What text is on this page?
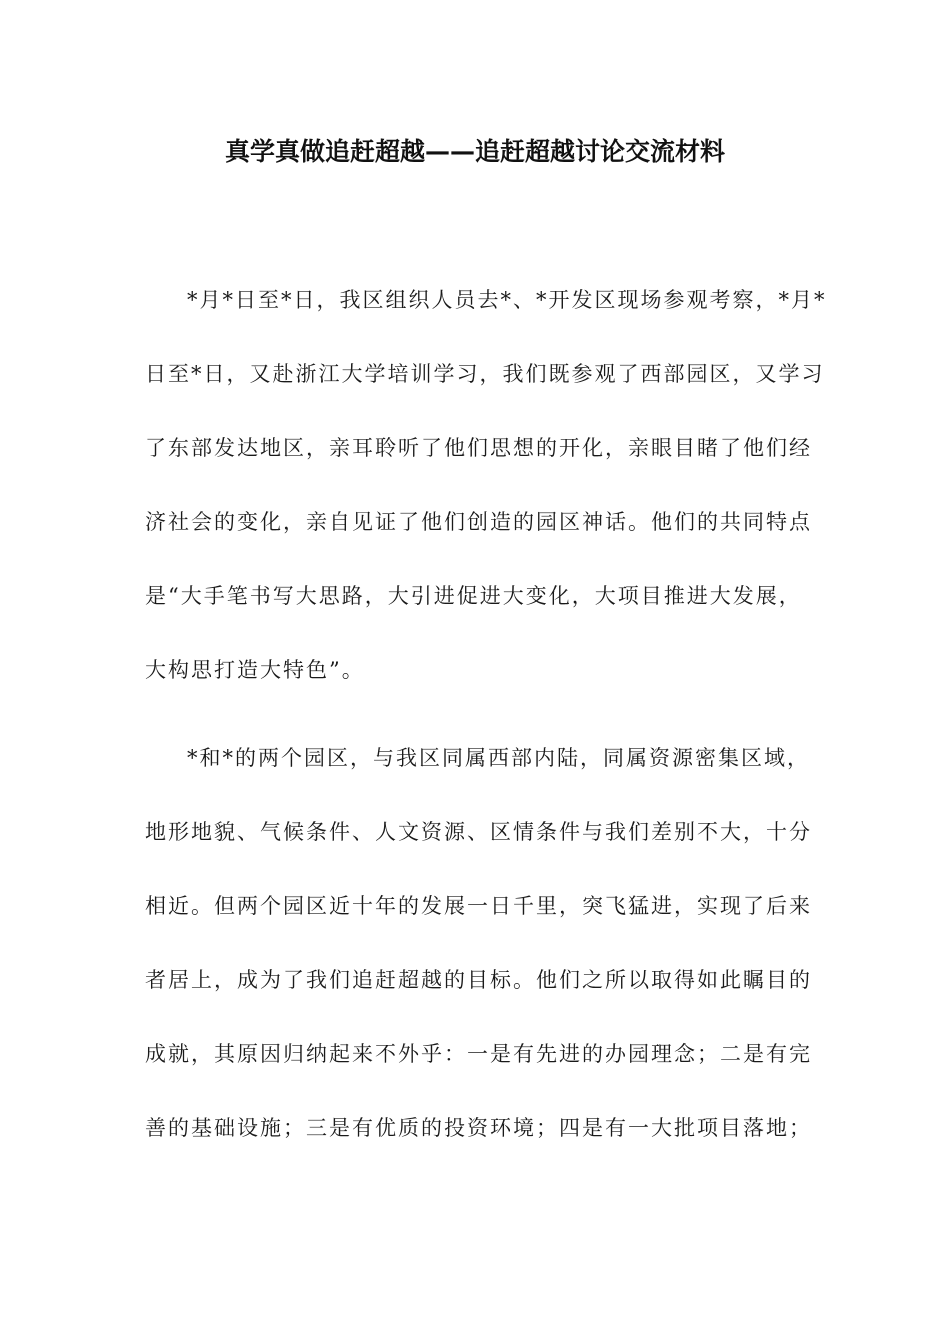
真学真做追赶超越——追赶超越讨论交流材料
*月*日至*日，我区组织人员去*、*开发区现场参观考察，*月*
日至*日，又赴浙江大学培训学习，我们既参观了西部园区，又学习
了东部发达地区，亲耳聆听了他们思想的开化，亲眼目睹了他们经
济社会的变化，亲自见证了他们创造的园区神话。他们的共同特点
是“大手笔书写大思路，大引进促进大变化，大项目推进大发展，
大构思打造大特色”。
*和*的两个园区，与我区同属西部内陆，同属资源密集区域，
地形地貌、气候条件、人文资源、区情条件与我们差别不大，十分
相近。但两个园区近十年的发展一日千里，突飞猛进，实现了后来
者居上，成为了我们追赶超越的目标。他们之所以取得如此瞩目的
成就，其原因归纳起来不外乎：一是有先进的办园理念；二是有完
善的基础设施；三是有优质的投资环境；四是有一大批项目落地；
